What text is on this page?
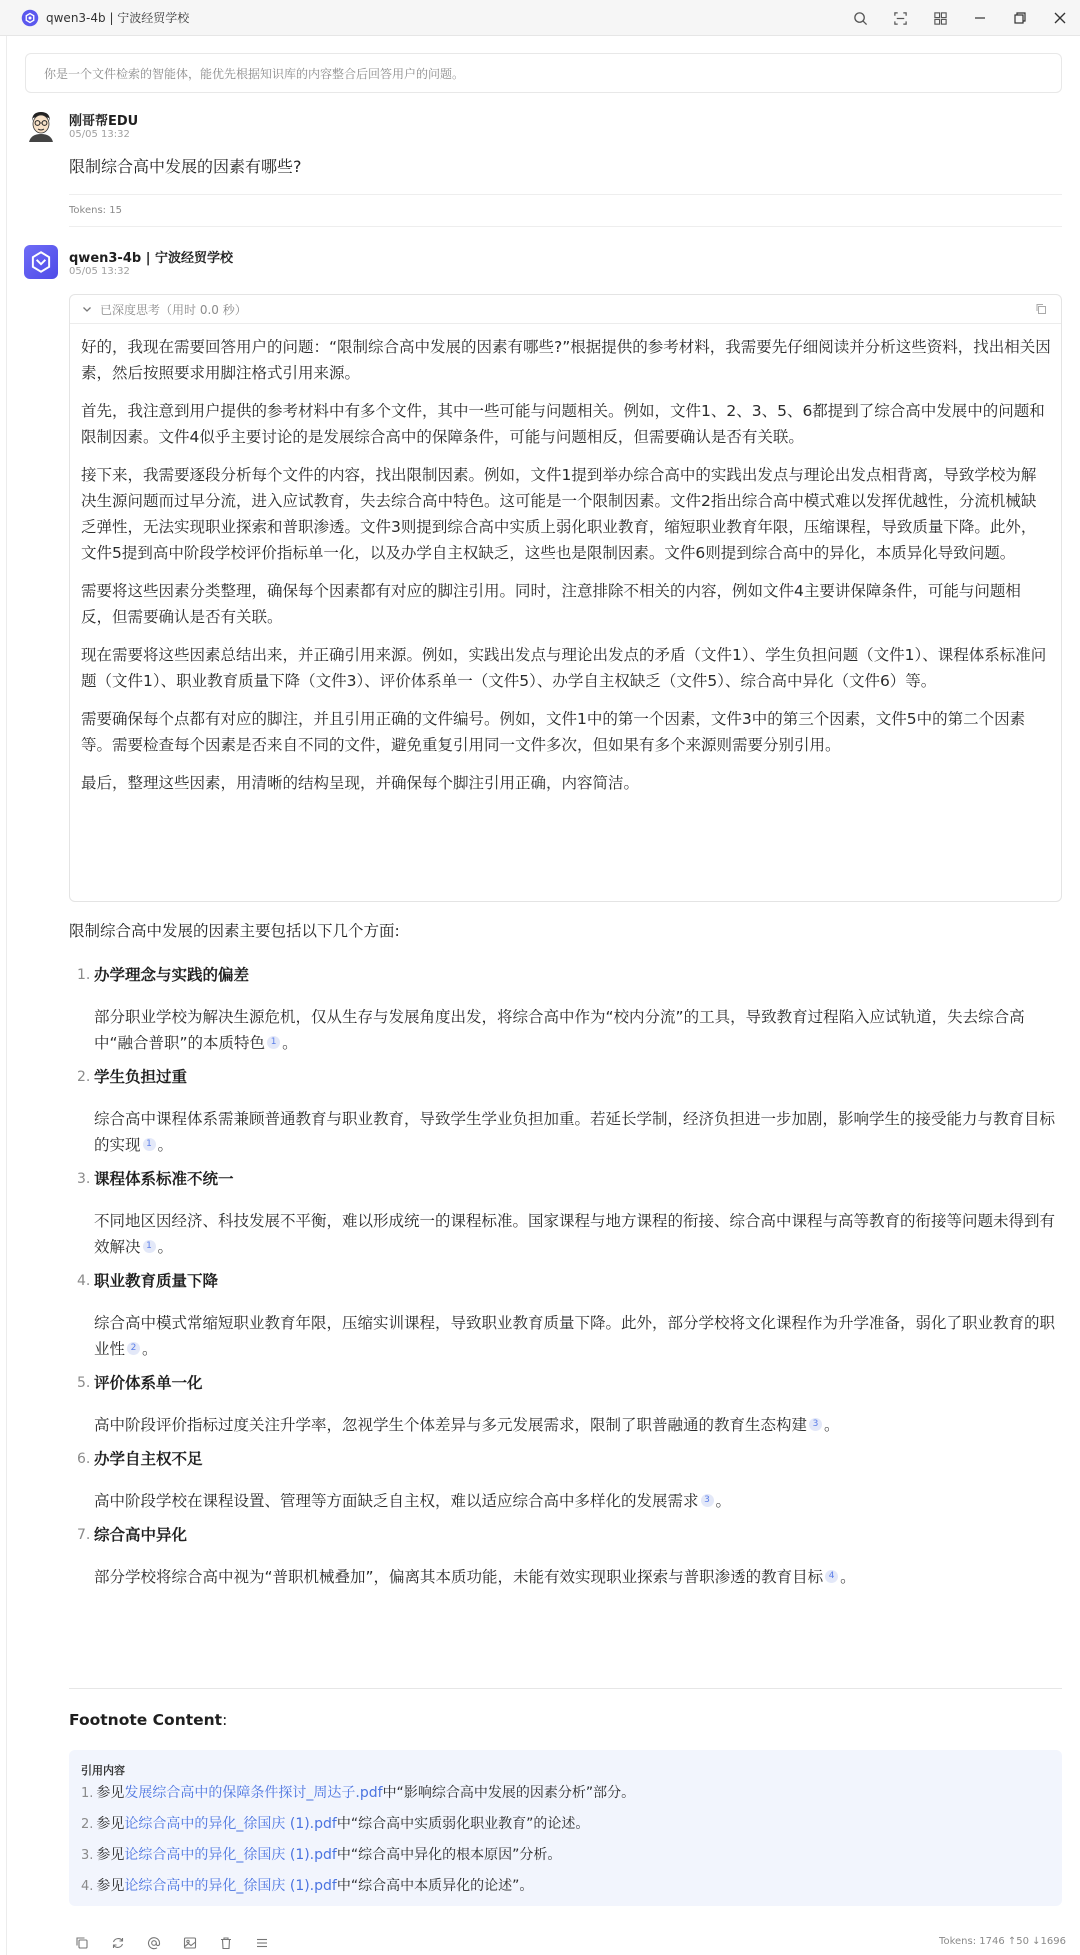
qwen3-4b | 宁波经贸学校
你是一个文件检索的智能体，能优先根据知识库的内容整合后回答用户的问题。
刚哥帮EDU
05/05 13:32
限制综合高中发展的因素有哪些?
Tokens: 15
qwen3-4b | 宁波经贸学校
05/05 13:32
已深度思考（用时 0.0 秒）

好的，我现在需要回答用户的问题：“限制综合高中发展的因素有哪些?”根据提供的参考材料，我需要先仔细阅读并分析这些资料，找出相关因素，然后按照要求用脚注格式引用来源。

首先，我注意到用户提供的参考材料中有多个文件，其中一些可能与问题相关。例如，文件1、2、3、5、6都提到了综合高中发展中的问题和限制因素。文件4似乎主要讨论的是发展综合高中的保障条件，可能与问题相反，但需要确认是否有关联。

接下来，我需要逐段分析每个文件的内容，找出限制因素。例如，文件1提到举办综合高中的实践出发点与理论出发点相背离，导致学校为解决生源问题而过早分流，进入应试教育，失去综合高中特色。这可能是一个限制因素。文件2指出综合高中模式难以发挥优越性，分流机械缺乏弹性，无法实现职业探索和普职渗透。文件3则提到综合高中实质上弱化职业教育，缩短职业教育年限，压缩课程，导致质量下降。此外，文件5提到高中阶段学校评价指标单一化，以及办学自主权缺乏，这些也是限制因素。文件6则提到综合高中的异化，本质异化导致问题。

需要将这些因素分类整理，确保每个因素都有对应的脚注引用。同时，注意排除不相关的内容，例如文件4主要讲保障条件，可能与问题相反，但需要确认是否有关联。

现在需要将这些因素总结出来，并正确引用来源。例如，实践出发点与理论出发点的矛盾（文件1）、学生负担问题（文件1）、课程体系标准问题（文件1）、职业教育质量下降（文件3）、评价体系单一（文件5）、办学自主权缺乏（文件5）、综合高中异化（文件6）等。

需要确保每个点都有对应的脚注，并且引用正确的文件编号。例如，文件1中的第一个因素，文件3中的第三个因素，文件5中的第二个因素等。需要检查每个因素是否来自不同的文件，避免重复引用同一文件多次，但如果有多个来源则需要分别引用。

最后，整理这些因素，用清晰的结构呈现，并确保每个脚注引用正确，内容简洁。

限制综合高中发展的因素主要包括以下几个方面:
1. 办学理念与实践的偏差
部分职业学校为解决生源危机，仅从生存与发展角度出发，将综合高中作为“校内分流”的工具，导致教育过程陷入应试轨道，失去综合高中“融合普职”的本质特色 1 。
2. 学生负担过重
综合高中课程体系需兼顾普通教育与职业教育，导致学生学业负担加重。若延长学制，经济负担进一步加剧，影响学生的接受能力与教育目标的实现 1 。
3. 课程体系标准不统一
不同地区因经济、科技发展不平衡，难以形成统一的课程标准。国家课程与地方课程的衔接、综合高中课程与高等教育的衔接等问题未得到有效解决 1 。
4. 职业教育质量下降
综合高中模式常缩短职业教育年限，压缩实训课程，导致职业教育质量下降。此外，部分学校将文化课程作为升学准备，弱化了职业教育的职业性 2 。
5. 评价体系单一化
高中阶段评价指标过度关注升学率，忽视学生个体差异与多元发展需求，限制了职普融通的教育生态构建 3 。
6. 办学自主权不足
高中阶段学校在课程设置、管理等方面缺乏自主权，难以适应综合高中多样化的发展需求 3 。
7. 综合高中异化
部分学校将综合高中视为“普职机械叠加”，偏离其本质功能，未能有效实现职业探索与普职渗透的教育目标 4 。
Footnote Content:
引用内容
1. 参见发展综合高中的保障条件探讨_周达子.pdf中“影响综合高中发展的因素分析”部分。
2. 参见论综合高中的异化_徐国庆 (1).pdf中“综合高中实质弱化职业教育”的论述。
3. 参见论综合高中的异化_徐国庆 (1).pdf中“综合高中异化的根本原因”分析。
4. 参见论综合高中的异化_徐国庆 (1).pdf中“综合高中本质异化的论述”。
Tokens: 1746 ↑50 ↓1696
